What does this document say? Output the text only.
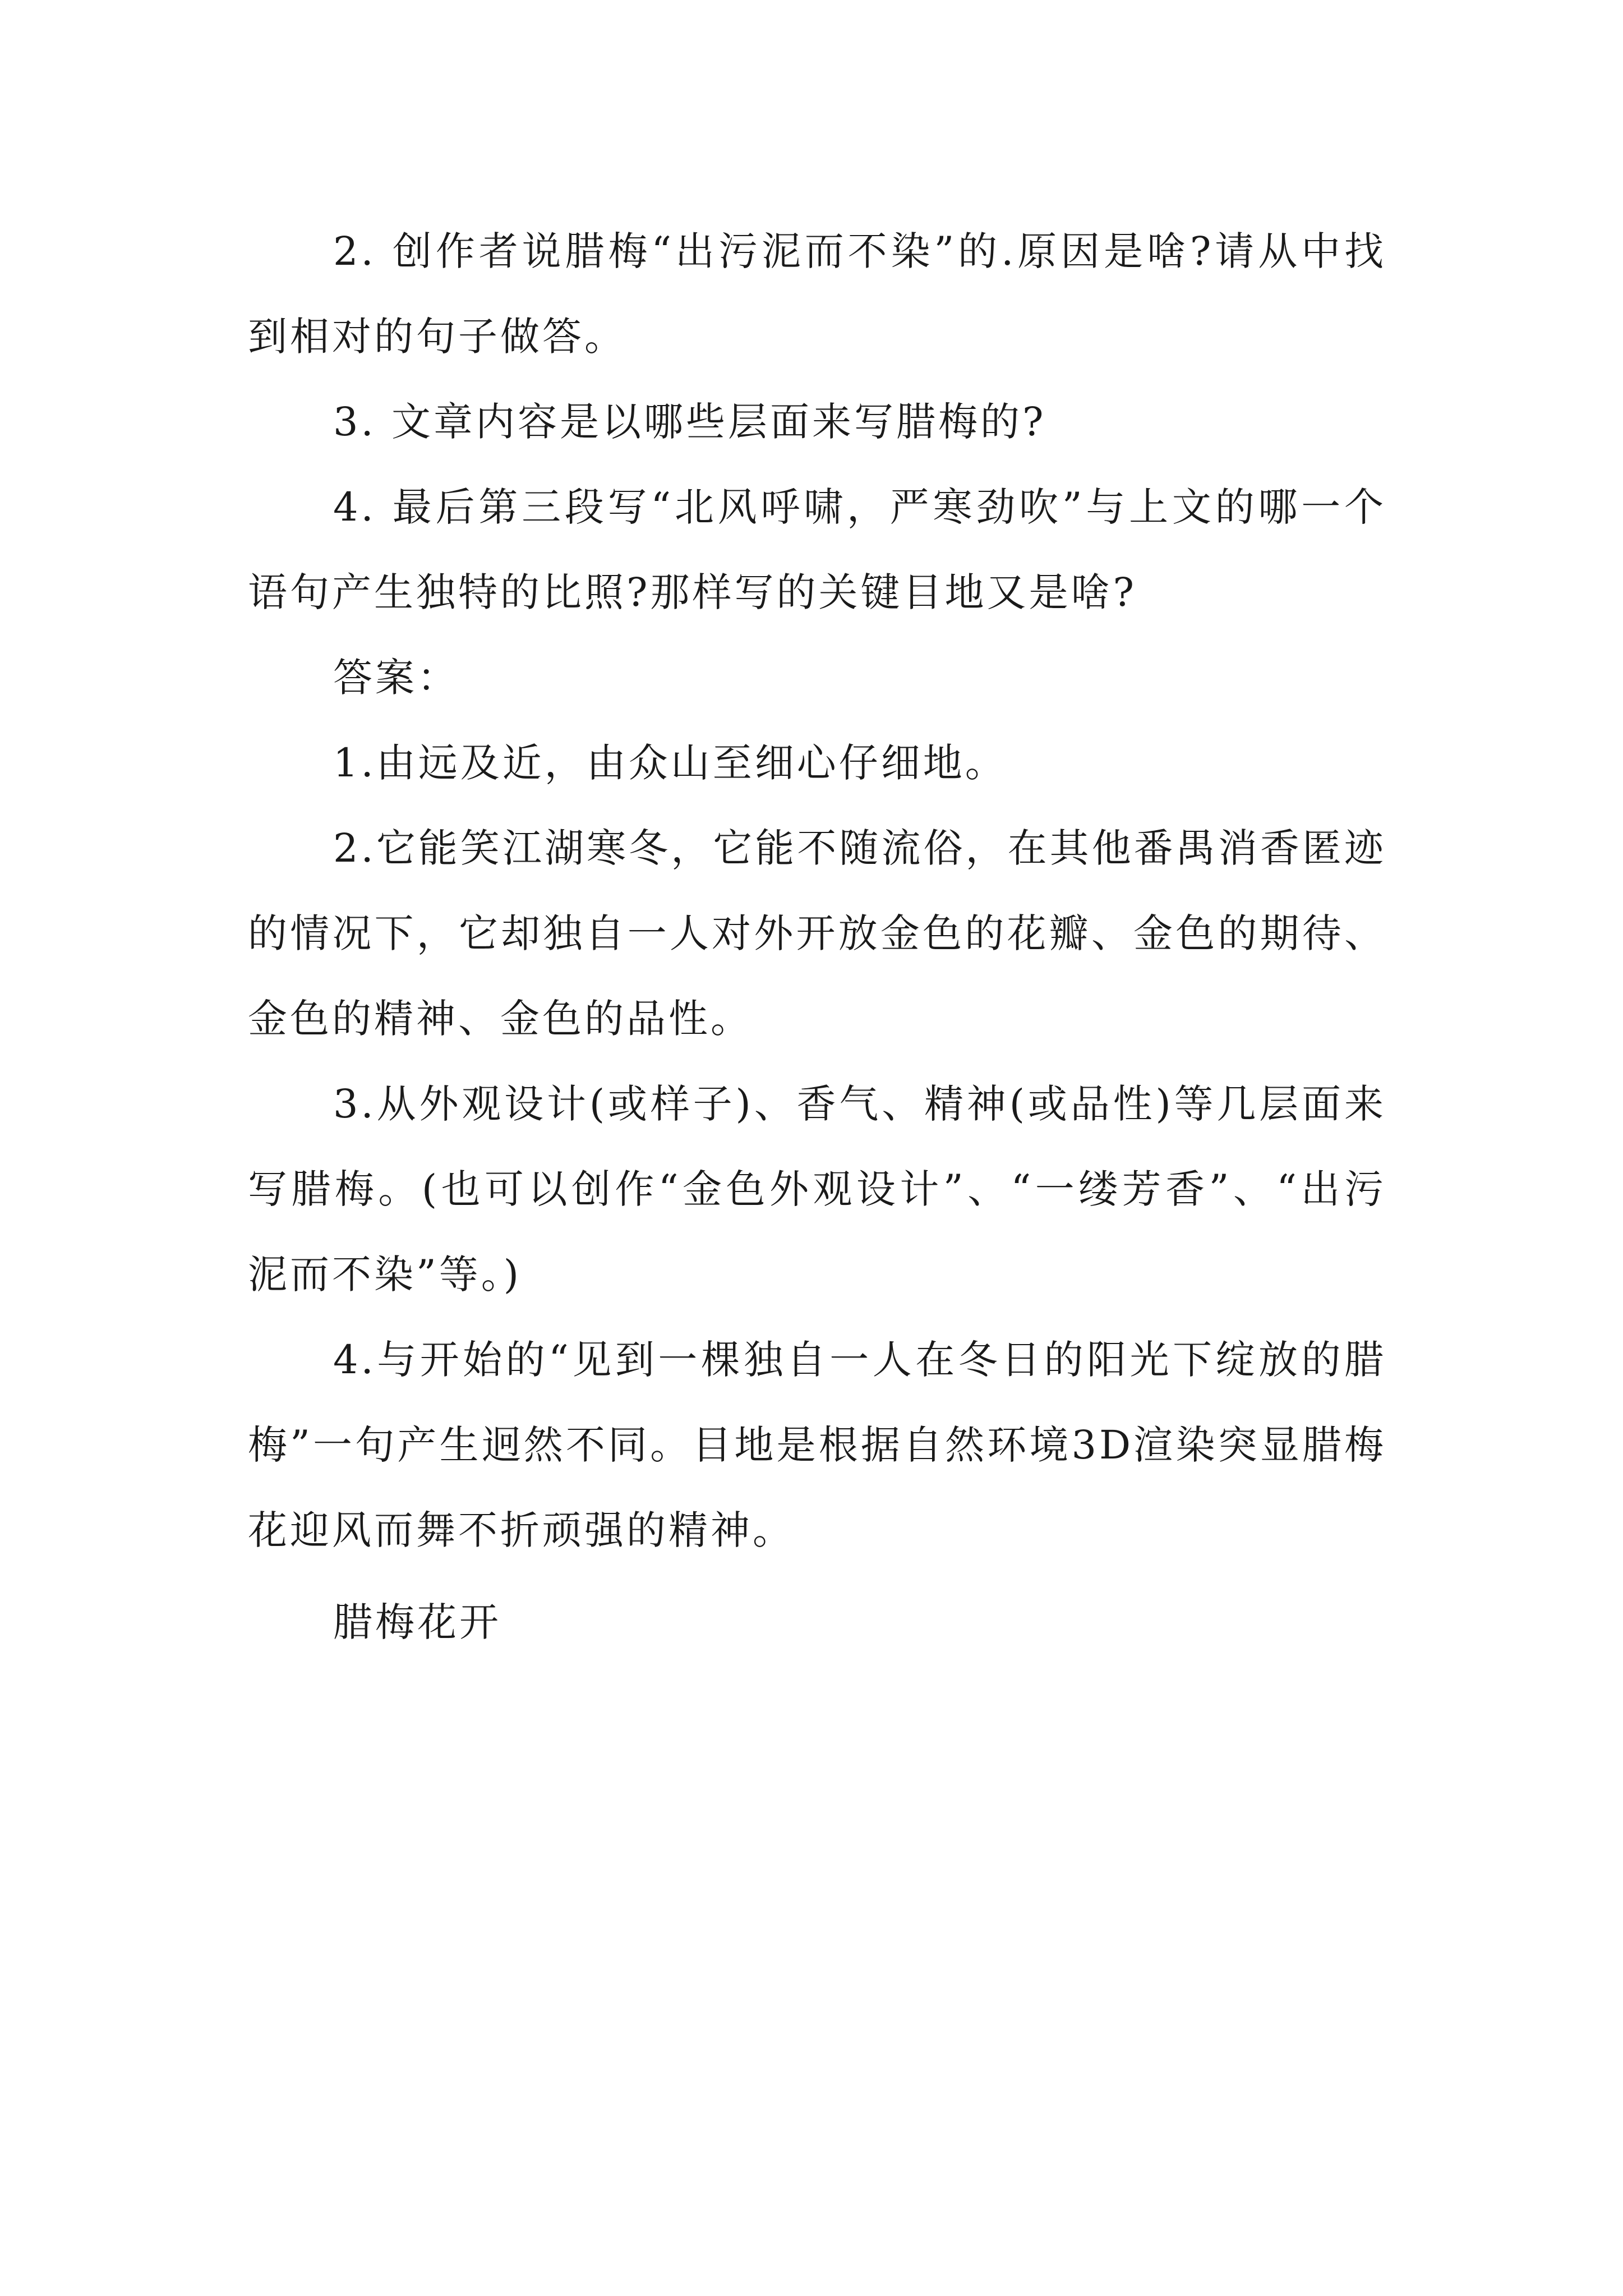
2. 创作者说腊梅“出污泥而不染”的.原因是啥?请从中找到相对的句子做答。

3. 文章内容是以哪些层面来写腊梅的?

4. 最后第三段写“北风呼啸，严寒劲吹”与上文的哪一个语句产生独特的比照?那样写的关键目地又是啥?

答案：

1.由远及近，由众山至细心仔细地。

2.它能笑江湖寒冬，它能不随流俗，在其他番禺消香匿迹的情况下，它却独自一人对外开放金色的花瓣、金色的期待、金色的精神、金色的品性。

3.从外观设计(或样子)、香气、精神(或品性)等几层面来写腊梅。(也可以创作“金色外观设计”、“一缕芳香”、“出污泥而不染”等。)

4.与开始的“见到一棵独自一人在冬日的阳光下绽放的腊梅”一句产生迥然不同。目地是根据自然环境3D渲染突显腊梅花迎风而舞不折顽强的精神。

腊梅花开
